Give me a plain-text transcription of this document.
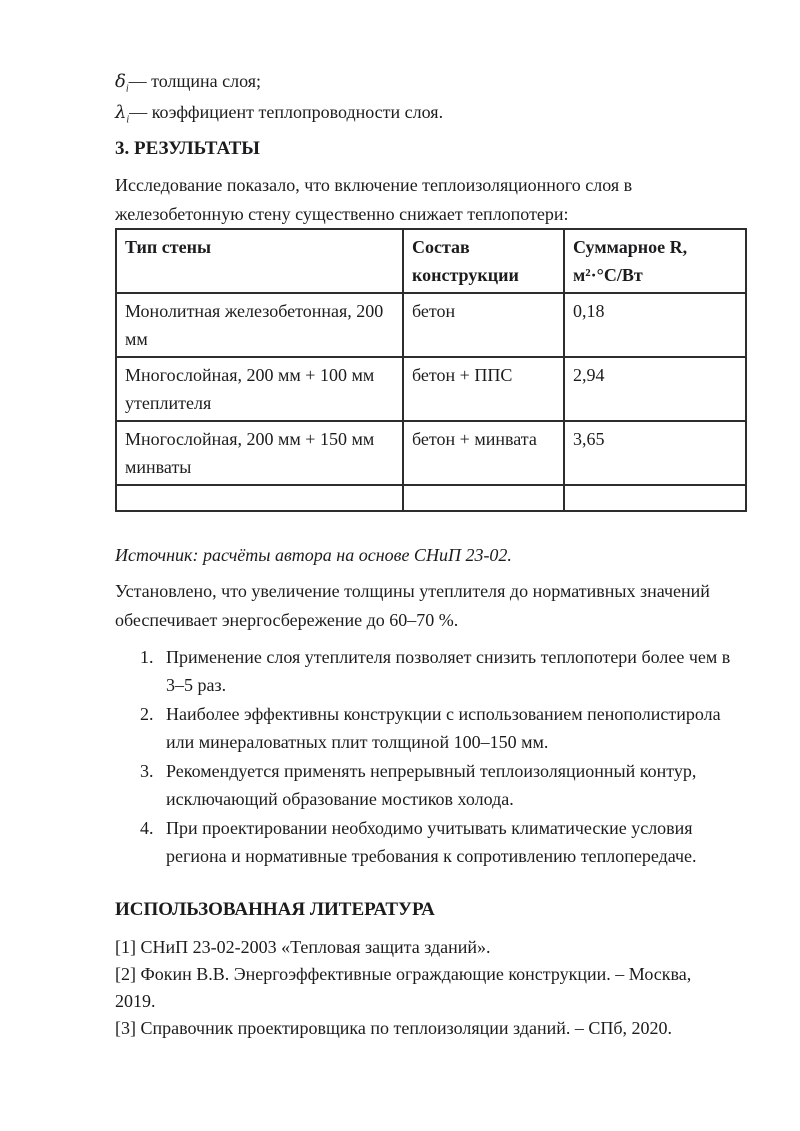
$\delta_i—$ толщина слоя;

$\lambda_i—$ коэффициент теплопроводности слоя.

3. РЕЗУЛЬТАТЫ

Исследование показало, что включение теплоизоляционного слоя в железобетонную стену существенно снижает теплопотери:

Тип стены	Состав конструкции	Суммарное R, м²·°С/Вт
Монолитная железобетонная, 200 мм	бетон	0,18
Многослойная, 200 мм + 100 мм утеплителя	бетон + ППС	2,94
Многослойная, 200 мм + 150 мм минваты	бетон + минвата	3,65

Источник: расчёты автора на основе СНиП 23-02.

Установлено, что увеличение толщины утеплителя до нормативных значений обеспечивает энергосбережение до 60–70 %.

1. Применение слоя утеплителя позволяет снизить теплопотери более чем в 3–5 раз.
2. Наиболее эффективны конструкции с использованием пенополистирола или минераловатных плит толщиной 100–150 мм.
3. Рекомендуется применять непрерывный теплоизоляционный контур, исключающий образование мостиков холода.
4. При проектировании необходимо учитывать климатические условия региона и нормативные требования к сопротивлению теплопередаче.
ИСПОЛЬЗОВАННАЯ ЛИТЕРАТУРА

[1] СНиП 23-02-2003 «Тепловая защита зданий».

[2] Фокин В.В. Энергоэффективные ограждающие конструкции. – Москва, 2019.

[3] Справочник проектировщика по теплоизоляции зданий. – СПб, 2020.
